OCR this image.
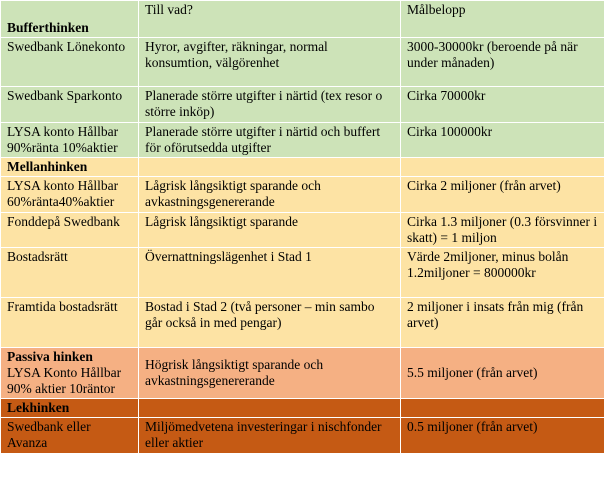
Bufferthinken	Till vad?	Målbelopp
Swedbank Lönekonto	Hyror, avgifter, räkningar, normal konsumtion, välgörenhet	3000-30000kr (beroende på när under månaden)
Swedbank Sparkonto	Planerade större utgifter i närtid (tex resor o större inköp)	Cirka 70000kr
LYSA konto Hållbar 90%ränta 10%aktier	Planerade större utgifter i närtid och buffert för oförutsedda utgifter	Cirka 100000kr
Mellanhinken		
LYSA konto Hållbar 60%ränta40%aktier	Lågrisk långsiktigt sparande och avkastningsgenererande	Cirka 2 miljoner (från arvet)
Fonddepå Swedbank	Lågrisk långsiktigt sparande	Cirka 1.3 miljoner (0.3 försvinner i skatt) = 1 miljon
Bostadsrätt	Övernattningslägenhet i Stad 1	Värde 2miljoner, minus bolån 1.2miljoner = 800000kr
Framtida bostadsrätt	Bostad i Stad 2 (två personer – min sambo går också in med pengar)	2 miljoner i insats från mig (från arvet)

Passiva hinken
LYSA Konto Hållbar 90% aktier 10räntor	Högrisk långsiktigt sparande och avkastningsgenererande	5.5 miljoner (från arvet)
Lekhinken		
Swedbank eller Avanza	Miljömedvetena investeringar i nischfonder eller aktier	0.5 miljoner (från arvet)
